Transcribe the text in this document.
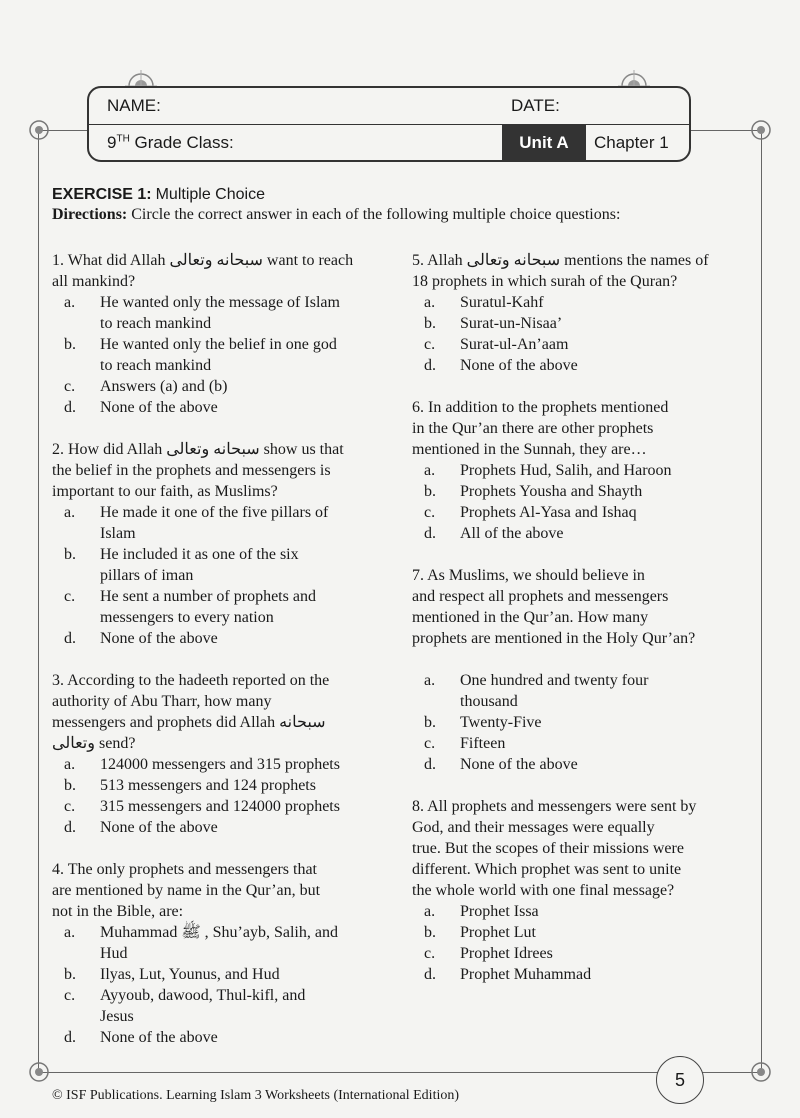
NAME:	DATE:
9TH Grade Class:	Unit A	Chapter 1
EXERCISE 1: Multiple Choice
Directions: Circle the correct answer in each of the following multiple choice questions:
1. What did Allah سبحانه وتعالى want to reach
all mankind?
a.	He wanted only the message of Islam
to reach mankind
b.	He wanted only the belief in one god
to reach mankind
c.	Answers (a) and (b)
d.	None of the above
2. How did Allah سبحانه وتعالى show us that
the belief in the prophets and messengers is
important to our faith, as Muslims?
a.	He made it one of the five pillars of
Islam
b.	He included it as one of the six
pillars of iman
c.	He sent a number of prophets and
messengers to every nation
d.	None of the above
3. According to the hadeeth reported on the
authority of Abu Tharr, how many
messengers and prophets did Allah سبحانه
وتعالى send?
a.	124000 messengers and 315 prophets
b.	513 messengers and 124 prophets
c.	315 messengers and 124000 prophets
d.	None of the above
4. The only prophets and messengers that
are mentioned by name in the Qur’an, but
not in the Bible, are:
a.	Muhammad ﷺ , Shu’ayb, Salih, and
Hud
b.	Ilyas, Lut, Younus, and Hud
c.	Ayyoub, dawood, Thul-kifl, and
Jesus
d.	None of the above
5. Allah سبحانه وتعالى mentions the names of
18 prophets in which surah of the Quran?
a.	Suratul-Kahf
b.	Surat-un-Nisaa’
c.	Surat-ul-An’aam
d.	None of the above
6. In addition to the prophets mentioned
in the Qur’an there are other prophets
mentioned in the Sunnah, they are…
a.	Prophets Hud, Salih, and Haroon
b.	Prophets Yousha and Shayth
c.	Prophets Al-Yasa and Ishaq
d.	All of the above
7. As Muslims, we should believe in
and respect all prophets and messengers
mentioned in the Qur’an. How many
prophets are mentioned in the Holy Qur’an?

a.	One hundred and twenty four
thousand
b.	Twenty-Five
c.	Fifteen
d.	None of the above
8. All prophets and messengers were sent by
God, and their messages were equally
true. But the scopes of their missions were
different. Which prophet was sent to unite
the whole world with one final message?
a.	Prophet Issa
b.	Prophet Lut
c.	Prophet Idrees
d.	Prophet Muhammad
5
© ISF Publications. Learning Islam 3 Worksheets (International Edition)
